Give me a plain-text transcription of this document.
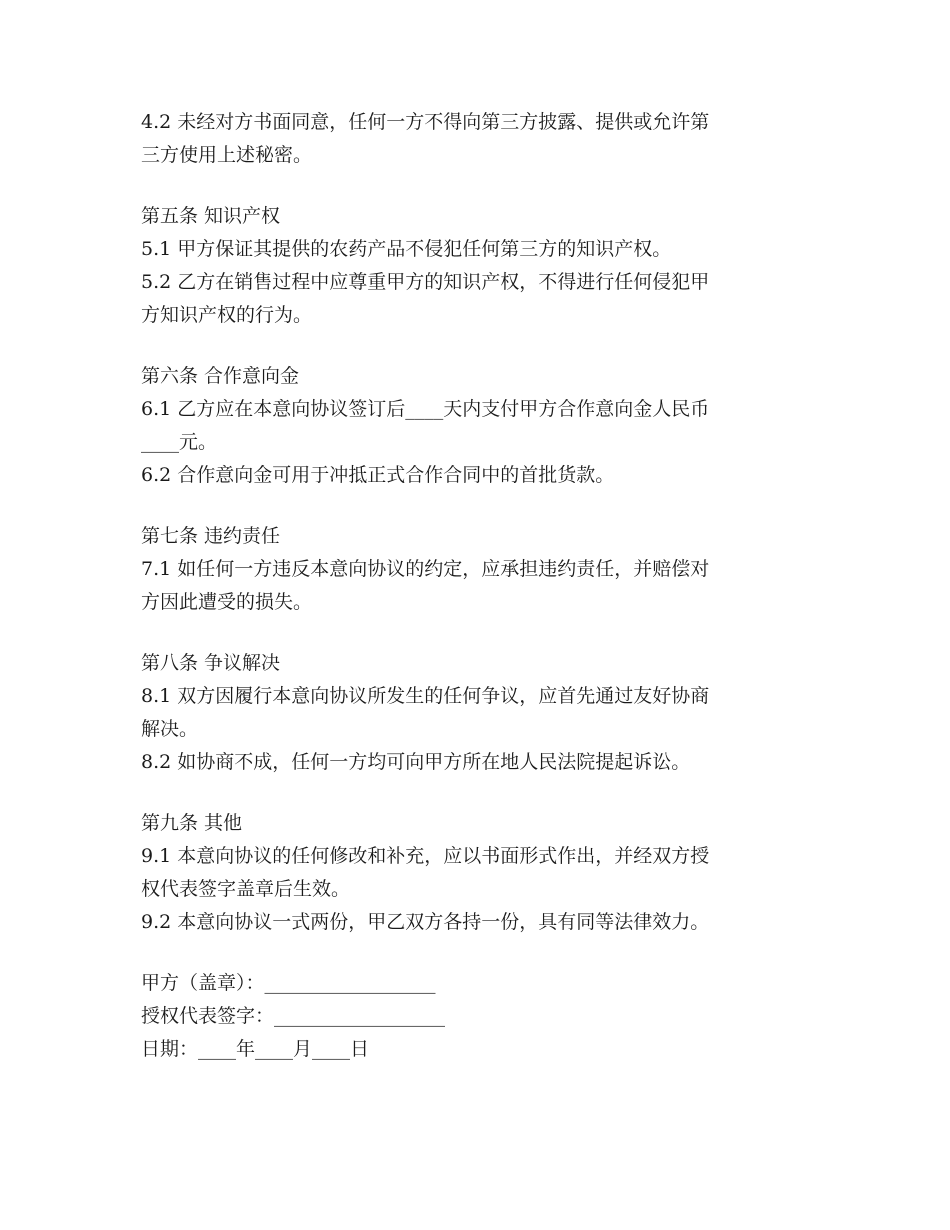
4.2 未经对方书面同意，任何一方不得向第三方披露、提供或允许第
三方使用上述秘密。
第五条 知识产权
5.1 甲方保证其提供的农药产品不侵犯任何第三方的知识产权。
5.2 乙方在销售过程中应尊重甲方的知识产权，不得进行任何侵犯甲
方知识产权的行为。
第六条 合作意向金
6.1 乙方应在本意向协议签订后____天内支付甲方合作意向金人民币
____元。
6.2 合作意向金可用于冲抵正式合作合同中的首批货款。
第七条 违约责任
7.1 如任何一方违反本意向协议的约定，应承担违约责任，并赔偿对
方因此遭受的损失。
第八条 争议解决
8.1 双方因履行本意向协议所发生的任何争议，应首先通过友好协商
解决。
8.2 如协商不成，任何一方均可向甲方所在地人民法院提起诉讼。
第九条 其他
9.1 本意向协议的任何修改和补充，应以书面形式作出，并经双方授
权代表签字盖章后生效。
9.2 本意向协议一式两份，甲乙双方各持一份，具有同等法律效力。
甲方（盖章）：__________________
授权代表签字：__________________
日期：____年____月____日
